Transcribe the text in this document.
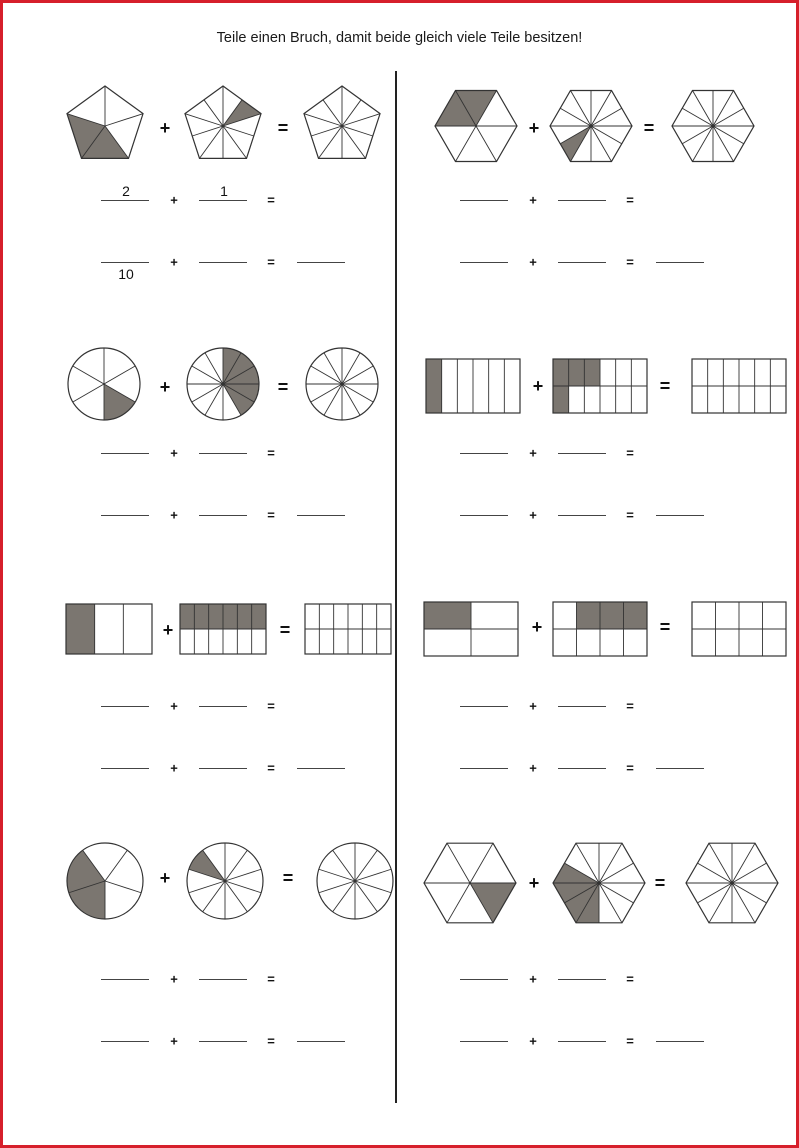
Teile einen Bruch, damit beide gleich viele Teile besitzen!
+	=
+	=
+	=
2	1
10
+	=
+	=
+	=
+	=
+	=
+	=
+	=
+	=
+	=
+	=
+	=
+	=
+	=
+	=
+	=
+	=
+	=
+	=
+	=
+	=
+	=
